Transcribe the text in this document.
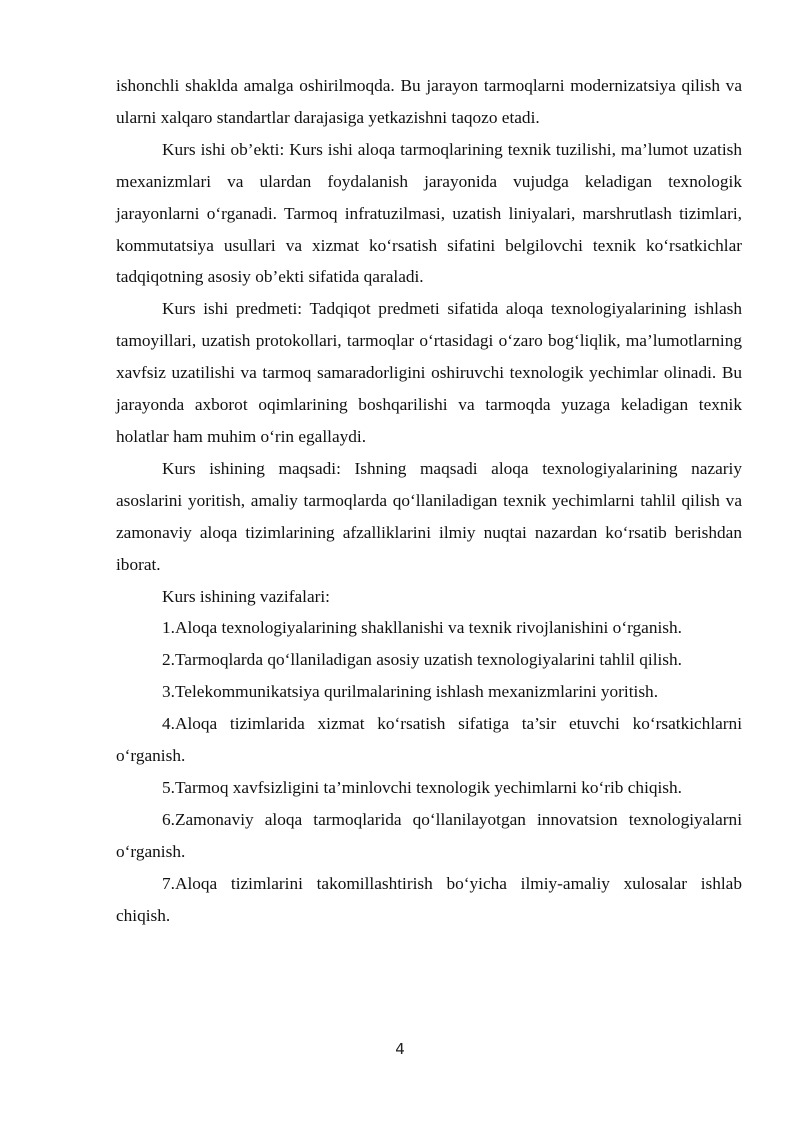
ishonchli shaklda amalga oshirilmoqda. Bu jarayon tarmoqlarni modernizatsiya qilish va ularni xalqaro standartlar darajasiga yetkazishni taqozo etadi.

Kurs ishi ob’ekti: Kurs ishi aloqa tarmoqlarining texnik tuzilishi, ma’lumot uzatish mexanizmlari va ulardan foydalanish jarayonida vujudga keladigan texnologik jarayonlarni o‘rganadi. Tarmoq infratuzilmasi, uzatish liniyalari, marshrutlash tizimlari, kommutatsiya usullari va xizmat ko‘rsatish sifatini belgilovchi texnik ko‘rsatkichlar tadqiqotning asosiy ob’ekti sifatida qaraladi.

Kurs ishi predmeti: Tadqiqot predmeti sifatida aloqa texnologiyalarining ishlash tamoyillari, uzatish protokollari, tarmoqlar o‘rtasidagi o‘zaro bog‘liqlik, ma’lumotlarning xavfsiz uzatilishi va tarmoq samaradorligini oshiruvchi texnologik yechimlar olinadi. Bu jarayonda axborot oqimlarining boshqarilishi va tarmoqda yuzaga keladigan texnik holatlar ham muhim o‘rin egallaydi.

Kurs ishining maqsadi: Ishning maqsadi aloqa texnologiyalarining nazariy asoslarini yoritish, amaliy tarmoqlarda qo‘llaniladigan texnik yechimlarni tahlil qilish va zamonaviy aloqa tizimlarining afzalliklarini ilmiy nuqtai nazardan ko‘rsatib berishdan iborat.

Kurs ishining vazifalari:

1.Aloqa texnologiyalarining shakllanishi va texnik rivojlanishini o‘rganish.

2.Tarmoqlarda qo‘llaniladigan asosiy uzatish texnologiyalarini tahlil qilish.

3.Telekommunikatsiya qurilmalarining ishlash mexanizmlarini yoritish.

4.Aloqa tizimlarida xizmat ko‘rsatish sifatiga ta’sir etuvchi ko‘rsatkichlarni o‘rganish.

5.Tarmoq xavfsizligini ta’minlovchi texnologik yechimlarni ko‘rib chiqish.

6.Zamonaviy aloqa tarmoqlarida qo‘llanilayotgan innovatsion texnologiyalarni o‘rganish.

7.Aloqa tizimlarini takomillashtirish bo‘yicha ilmiy-amaliy xulosalar ishlab chiqish.

4
